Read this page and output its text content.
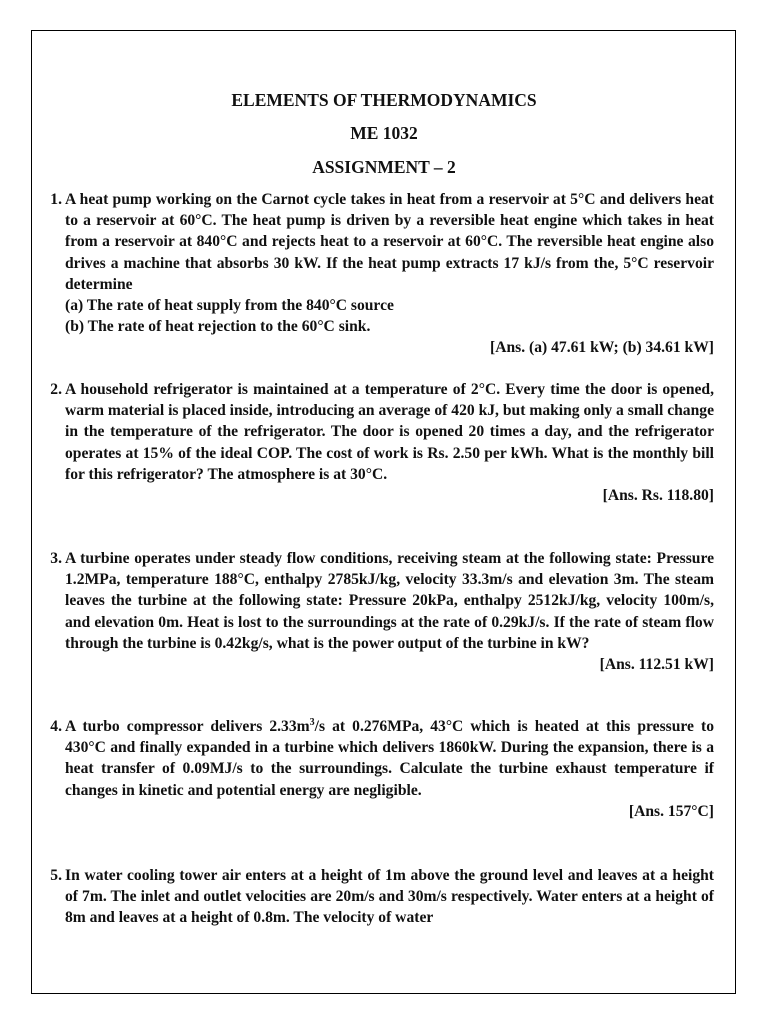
ELEMENTS OF THERMODYNAMICS
ME 1032
ASSIGNMENT – 2
1. A heat pump working on the Carnot cycle takes in heat from a reservoir at 5°C and delivers heat to a reservoir at 60°C. The heat pump is driven by a reversible heat engine which takes in heat from a reservoir at 840°C and rejects heat to a reservoir at 60°C. The reversible heat engine also drives a machine that absorbs 30 kW. If the heat pump extracts 17 kJ/s from the, 5°C reservoir determine
(a) The rate of heat supply from the 840°C source
(b) The rate of heat rejection to the 60°C sink.
[Ans. (a) 47.61 kW; (b) 34.61 kW]
2. A household refrigerator is maintained at a temperature of 2°C. Every time the door is opened, warm material is placed inside, introducing an average of 420 kJ, but making only a small change in the temperature of the refrigerator. The door is opened 20 times a day, and the refrigerator operates at 15% of the ideal COP. The cost of work is Rs. 2.50 per kWh. What is the monthly bill for this refrigerator? The atmosphere is at 30°C.
[Ans. Rs. 118.80]
3. A turbine operates under steady flow conditions, receiving steam at the following state: Pressure 1.2MPa, temperature 188°C, enthalpy 2785kJ/kg, velocity 33.3m/s and elevation 3m. The steam leaves the turbine at the following state: Pressure 20kPa, enthalpy 2512kJ/kg, velocity 100m/s, and elevation 0m. Heat is lost to the surroundings at the rate of 0.29kJ/s. If the rate of steam flow through the turbine is 0.42kg/s, what is the power output of the turbine in kW?
[Ans. 112.51 kW]
4. A turbo compressor delivers $2.33m^3/s$ at 0.276MPa, 43°C which is heated at this pressure to 430°C and finally expanded in a turbine which delivers 1860kW. During the expansion, there is a heat transfer of 0.09MJ/s to the surroundings. Calculate the turbine exhaust temperature if changes in kinetic and potential energy are negligible.
[Ans. 157°C]
5. In water cooling tower air enters at a height of 1m above the ground level and leaves at a height of 7m. The inlet and outlet velocities are 20m/s and 30m/s respectively. Water enters at a height of 8m and leaves at a height of 0.8m. The velocity of water
